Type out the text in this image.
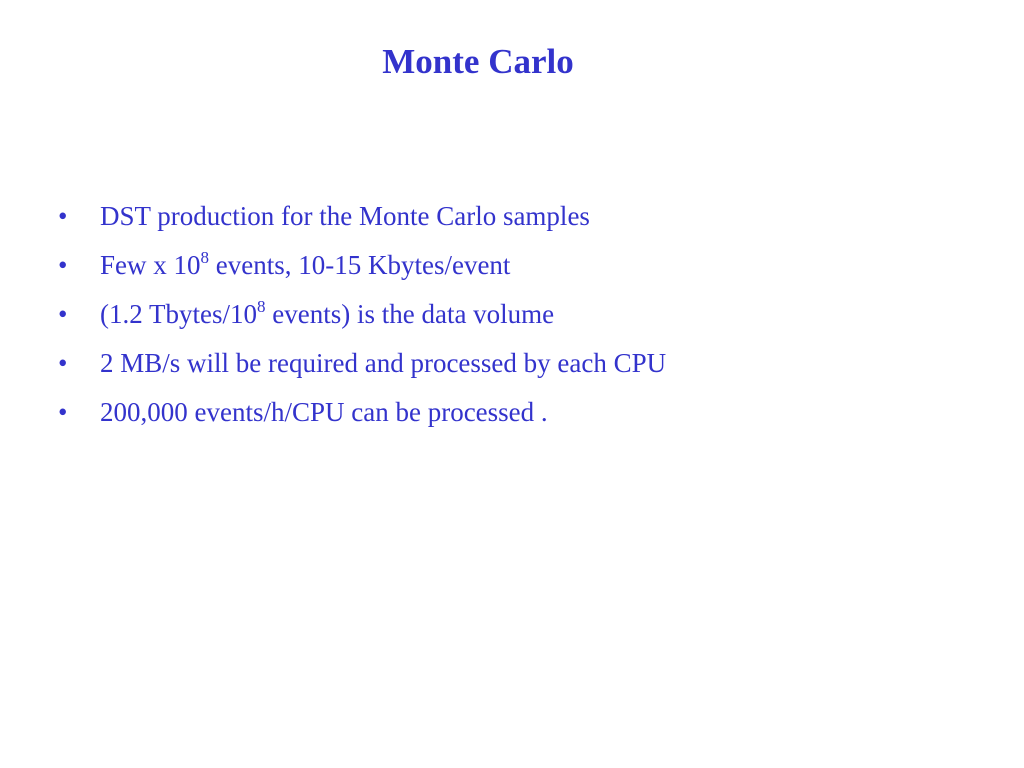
Monte Carlo
•	DST production for the Monte Carlo samples
•	Few x $10^8$ events, 10-15 Kbytes/event
•	(1.2 Tbytes/$10^8$ events) is the data volume
•	2 MB/s will be required and processed by each CPU
•	200,000 events/h/CPU can be processed .
